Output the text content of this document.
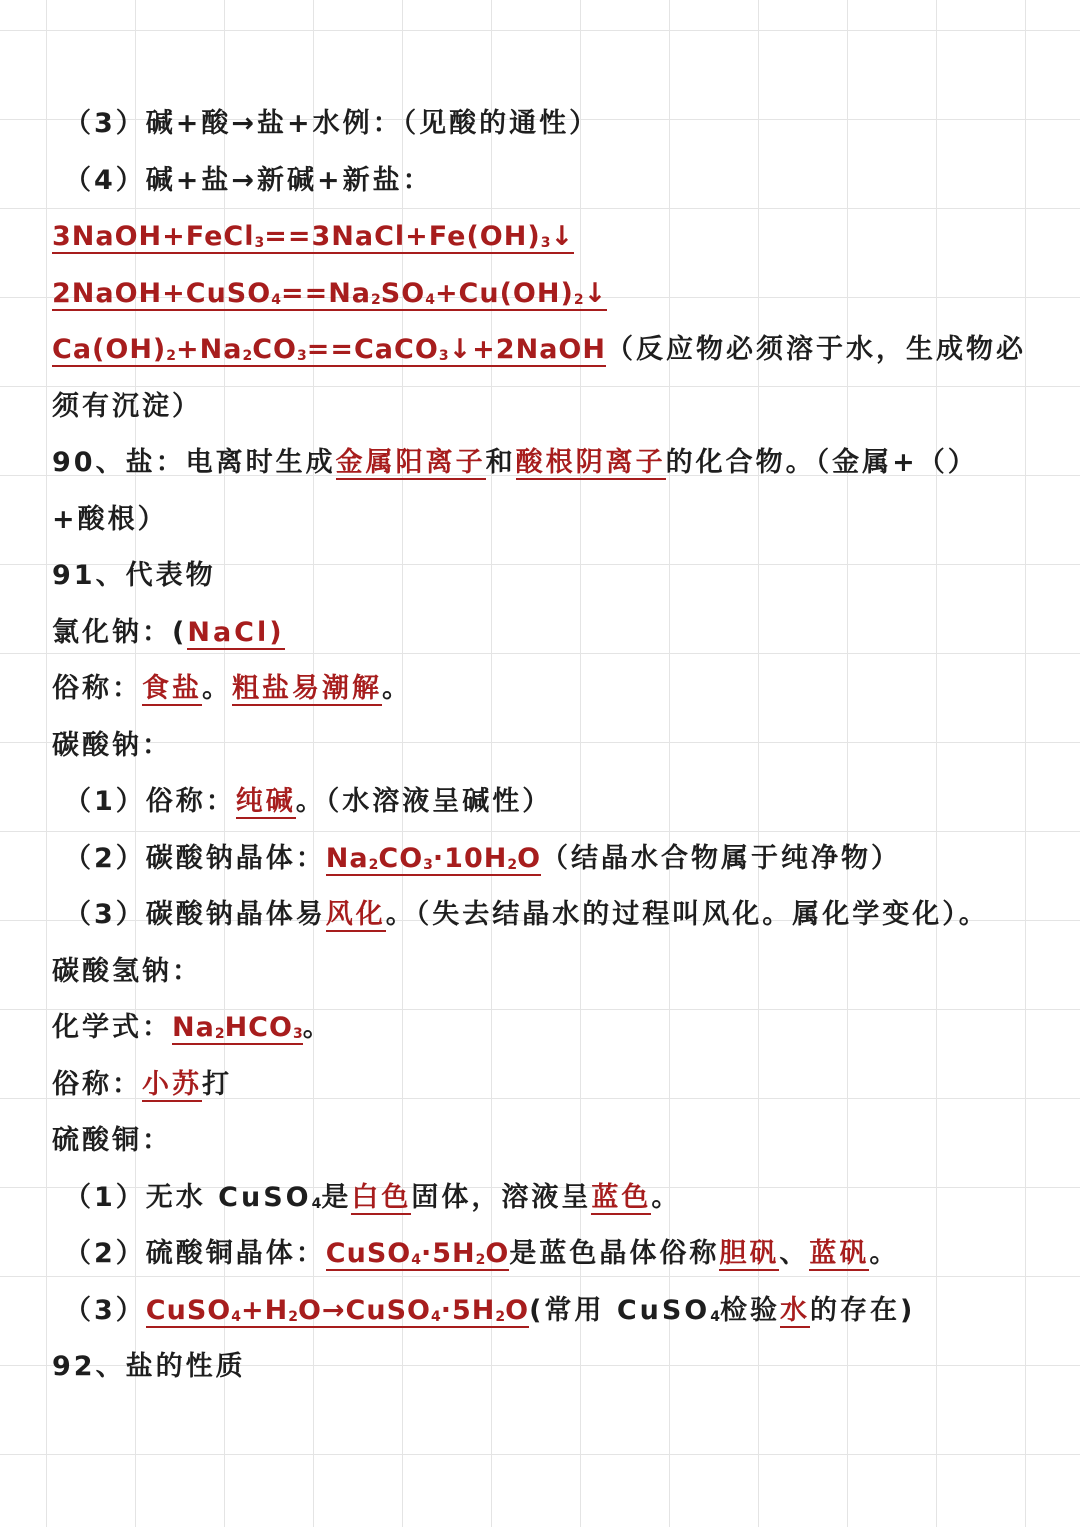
（3）碱+酸→盐+水例：（见酸的通性）
（4）碱+盐→新碱+新盐：
$3NaOH+FeCl_3==3NaCl+Fe(OH)_3↓$
$2NaOH+CuSO_4==Na_2SO_4+Cu(OH)_2↓$
$Ca(OH)_2+Na_2CO_3==CaCO_3↓+2NaOH$（反应物必须溶于水，生成物必
须有沉淀）
90、盐：电离时生成金属阳离子和酸根阴离子的化合物。（金属+（）
+酸根）
91、代表物
氯化钠：(NaCl)
俗称：食盐。粗盐易潮解。
碳酸钠：
（1）俗称：纯碱。（水溶液呈碱性）
（2）碳酸钠晶体：$Na_2CO_3\cdot 10H_2O$（结晶水合物属于纯净物）
（3）碳酸钠晶体易风化。（失去结晶水的过程叫风化。属化学变化）。
碳酸氢钠：
化学式：$Na_2HCO_3$。
俗称：小苏打
硫酸铜：
（1）无水 CuSO$_4$是白色固体，溶液呈蓝色。
（2）硫酸铜晶体：$CuSO_4\cdot 5H_2O$是蓝色晶体俗称胆矾、蓝矾。
$(3)CuSO_4+H_2O\to CuSO_4\cdot 5H_2O$(常用 CuSO$_4$检验水的存在)
92、盐的性质
